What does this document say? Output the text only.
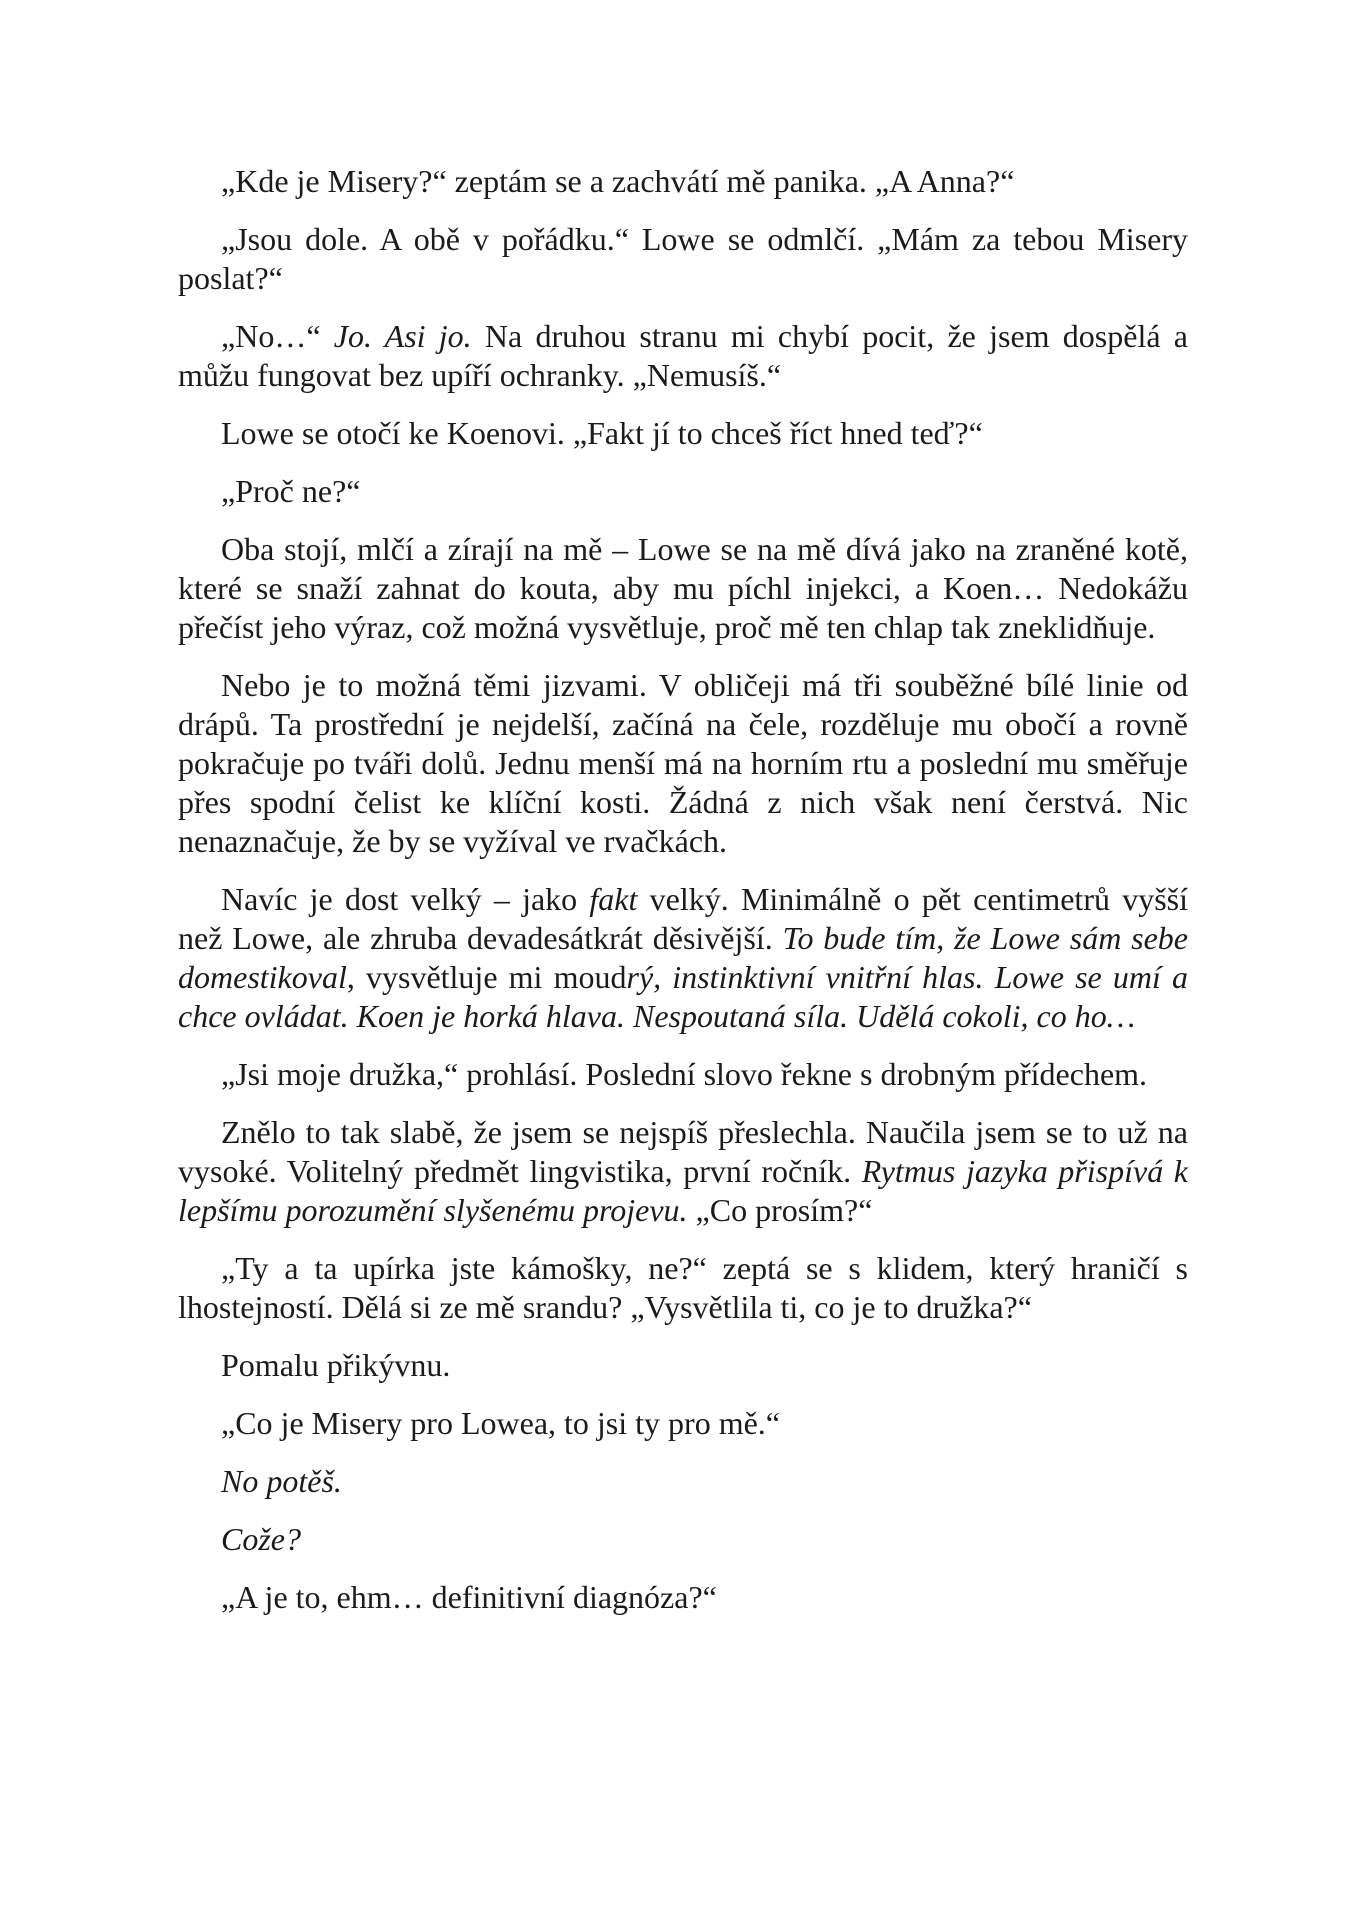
„Kde je Misery?“ zeptám se a zachvátí mě panika. „A Anna?“

„Jsou dole. A obě v pořádku.“ Lowe se odmlčí. „Mám za tebou Misery poslat?“

„No…“ Jo. Asi jo. Na druhou stranu mi chybí pocit, že jsem dospělá a můžu fungovat bez upíří ochranky. „Nemusíš.“

Lowe se otočí ke Koenovi. „Fakt jí to chceš říct hned teď?“

„Proč ne?“

Oba stojí, mlčí a zírají na mě – Lowe se na mě dívá jako na zraněné kotě, které se snaží zahnat do kouta, aby mu píchl injekci, a Koen… Nedokážu přečíst jeho výraz, což možná vysvětluje, proč mě ten chlap tak zneklidňuje.

Nebo je to možná těmi jizvami. V obličeji má tři souběžné bílé linie od drápů. Ta prostřední je nejdelší, začíná na čele, rozděluje mu obočí a rovně pokračuje po tváři dolů. Jednu menší má na horním rtu a poslední mu směřuje přes spodní čelist ke klíční kosti. Žádná z nich však není čerstvá. Nic nenaznačuje, že by se vyžíval ve rvačkách.

Navíc je dost velký – jako fakt velký. Minimálně o pět centimetrů vyšší než Lowe, ale zhruba devadesátkrát děsivější. To bude tím, že Lowe sám sebe domestikoval, vysvětluje mi moudrý, instinktivní vnitřní hlas. Lowe se umí a chce ovládat. Koen je horká hlava. Nespoutaná síla. Udělá cokoli, co ho…

„Jsi moje družka,“ prohlásí. Poslední slovo řekne s drobným přídechem.

Znělo to tak slabě, že jsem se nejspíš přeslechla. Naučila jsem se to už na vysoké. Volitelný předmět lingvistika, první ročník. Rytmus jazyka přispívá k lepšímu porozumění slyšenému projevu. „Co prosím?“

„Ty a ta upírka jste kámošky, ne?“ zeptá se s klidem, který hraničí s lhostejností. Dělá si ze mě srandu? „Vysvětlila ti, co je to družka?“

Pomalu přikývnu.

„Co je Misery pro Lowea, to jsi ty pro mě.“

No potěš.

Cože?

„A je to, ehm… definitivní diagnóza?“
